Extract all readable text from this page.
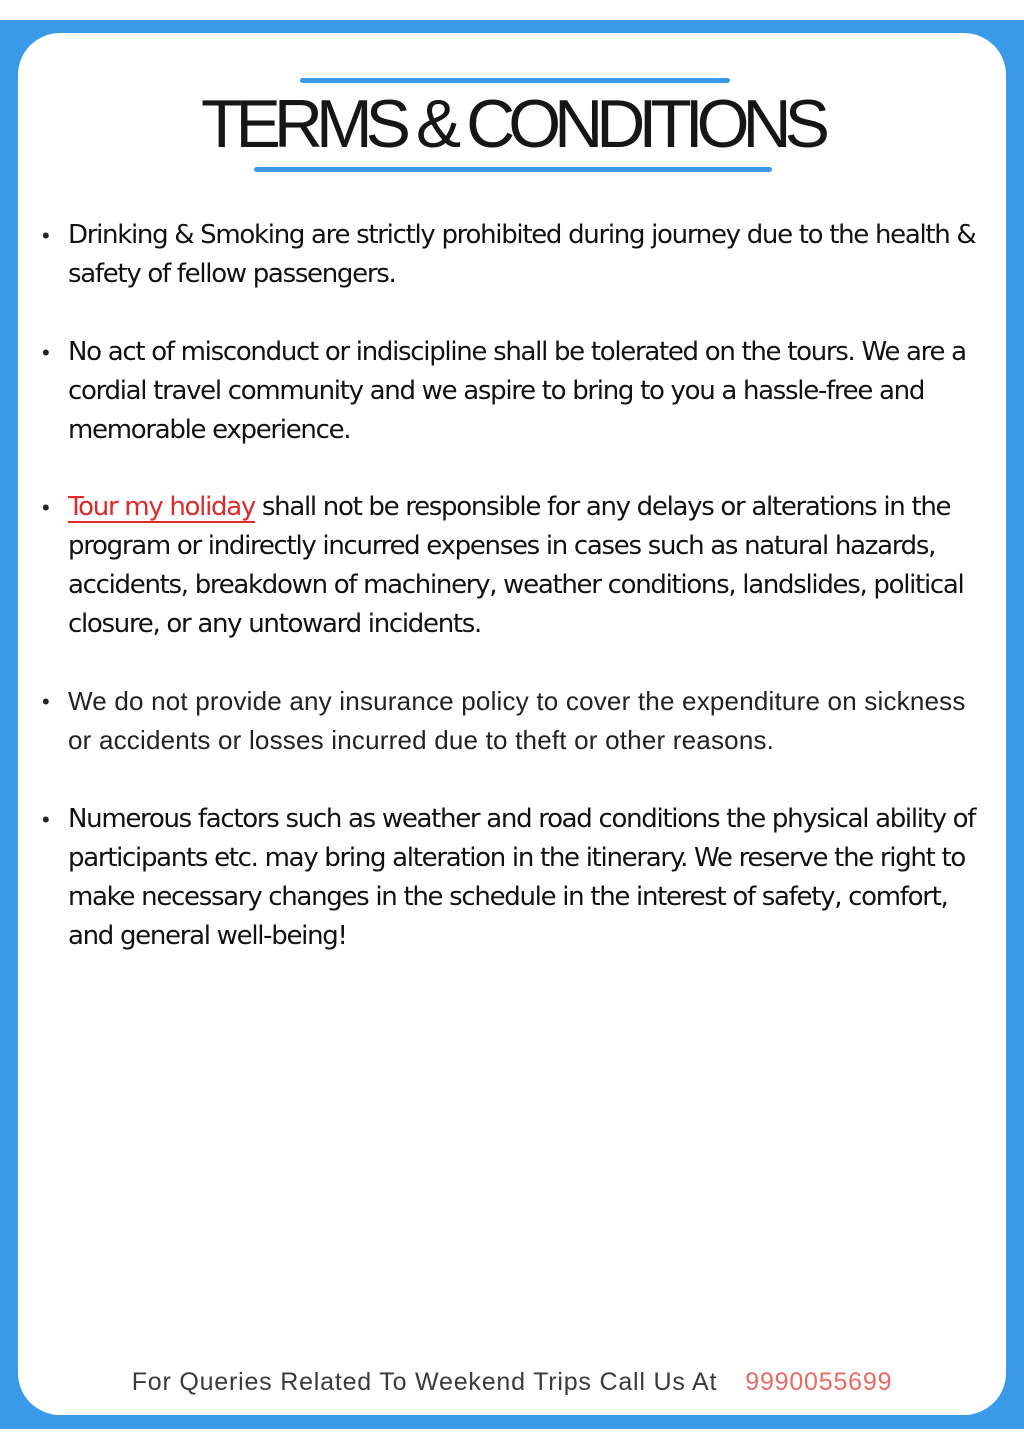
TERMS & CONDITIONS
• Drinking & Smoking are strictly prohibited during journey due to the health & safety of fellow passengers.
• No act of misconduct or indiscipline shall be tolerated on the tours. We are a cordial travel community and we aspire to bring to you a hassle-free and memorable experience.
• Tour my holiday shall not be responsible for any delays or alterations in the program or indirectly incurred expenses in cases such as natural hazards, accidents, breakdown of machinery, weather conditions, landslides, political closure, or any untoward incidents.
• We do not provide any insurance policy to cover the expenditure on sickness or accidents or losses incurred due to theft or other reasons.
• Numerous factors such as weather and road conditions the physical ability of participants etc. may bring alteration in the itinerary. We reserve the right to make necessary changes in the schedule in the interest of safety, comfort, and general well-being!
For Queries Related To Weekend Trips Call Us At 9990055699
